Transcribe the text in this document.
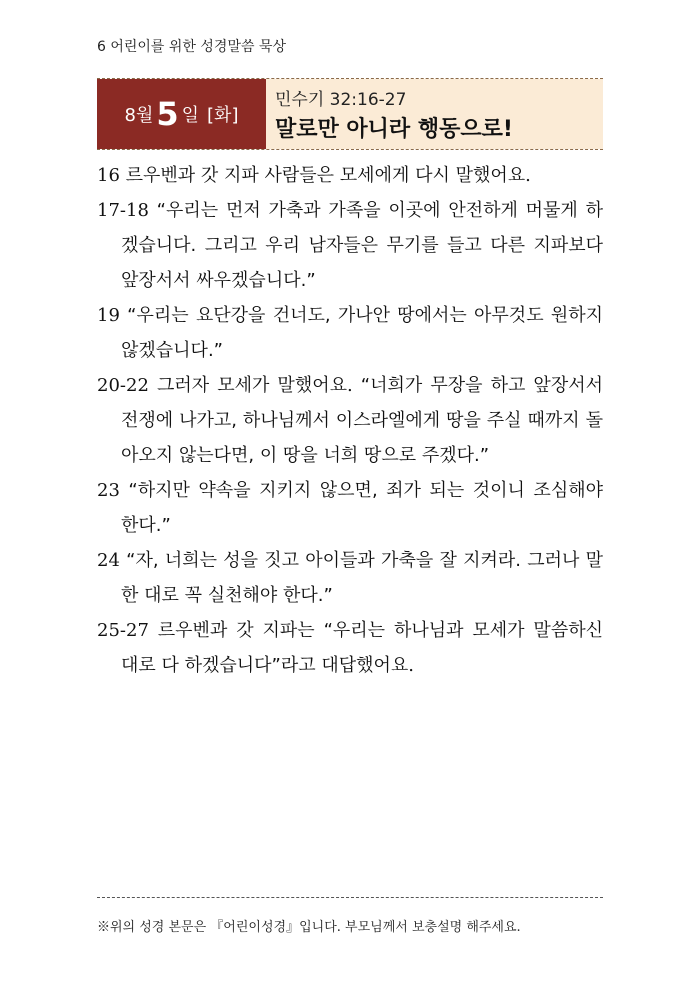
6 어린이를 위한 성경말씀 묵상
8월 5 일 [화]
민수기 32:16-27
말로만 아니라 행동으로!
16 르우벤과 갓 지파 사람들은 모세에게 다시 말했어요.
17-18 “우리는 먼저 가축과 가족을 이곳에 안전하게 머물게 하겠습니다. 그리고 우리 남자들은 무기를 들고 다른 지파보다 앞장서서 싸우겠습니다.”
19 “우리는 요단강을 건너도, 가나안 땅에서는 아무것도 원하지 않겠습니다.”
20-22 그러자 모세가 말했어요. “너희가 무장을 하고 앞장서서 전쟁에 나가고, 하나님께서 이스라엘에게 땅을 주실 때까지 돌아오지 않는다면, 이 땅을 너희 땅으로 주겠다.”
23 “하지만 약속을 지키지 않으면, 죄가 되는 것이니 조심해야 한다.”
24 “자, 너희는 성을 짓고 아이들과 가축을 잘 지켜라. 그러나 말한 대로 꼭 실천해야 한다.”
25-27 르우벤과 갓 지파는 “우리는 하나님과 모세가 말씀하신 대로 다 하겠습니다”라고 대답했어요.
※위의 성경 본문은 『어린이성경』입니다. 부모님께서 보충설명 해주세요.
